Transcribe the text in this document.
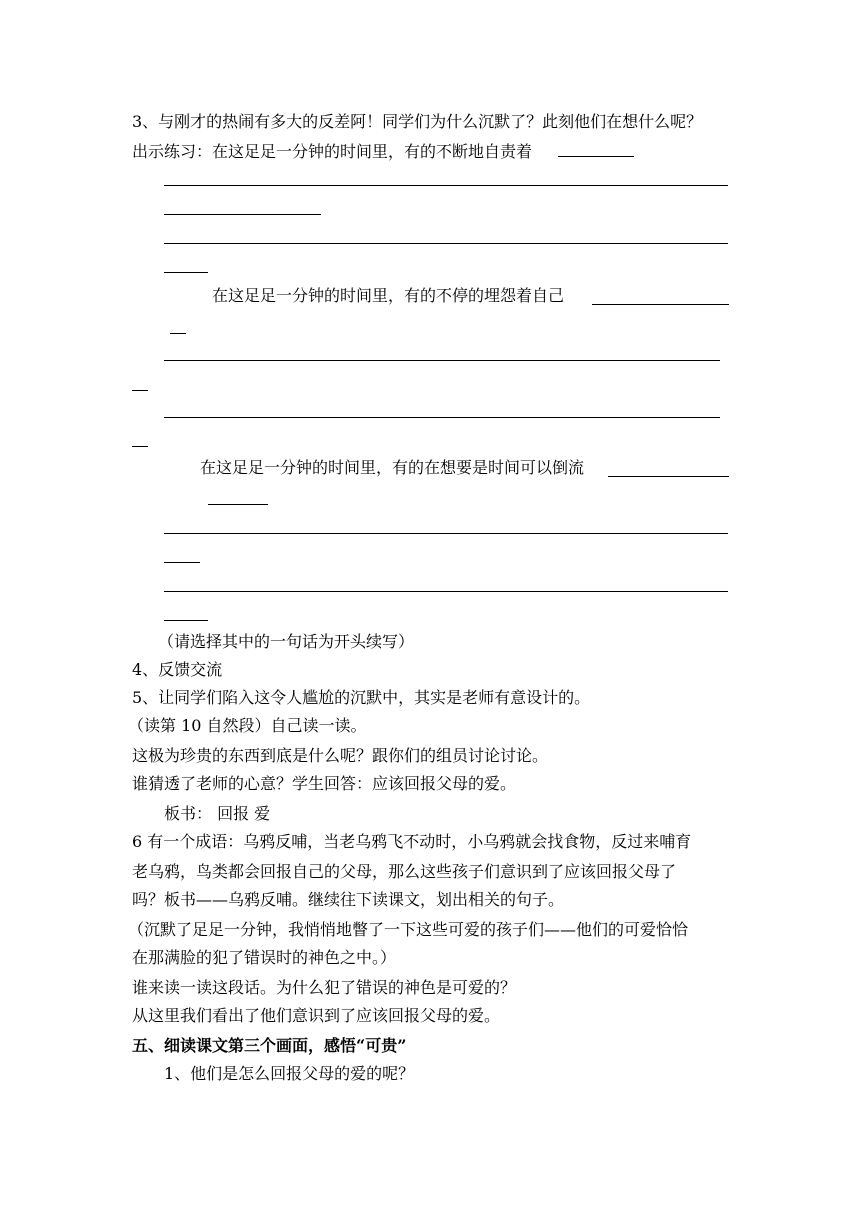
3、与刚才的热闹有多大的反差阿！同学们为什么沉默了？此刻他们在想什么呢？

出示练习：在这足足一分钟的时间里，有的不断地自责着

在这足足一分钟的时间里，有的不停的埋怨着自己

在这足足一分钟的时间里，有的在想要是时间可以倒流

（请选择其中的一句话为开头续写）

4、反馈交流

5、让同学们陷入这令人尴尬的沉默中，其实是老师有意设计的。

（读第 10 自然段）自己读一读。

这极为珍贵的东西到底是什么呢？跟你们的组员讨论讨论。

谁猜透了老师的心意？学生回答：应该回报父母的爱。

板书： 回报 爱

6 有一个成语：乌鸦反哺，当老乌鸦飞不动时，小乌鸦就会找食物，反过来哺育

老乌鸦，鸟类都会回报自己的父母，那么这些孩子们意识到了应该回报父母了

吗？板书——乌鸦反哺。继续往下读课文，划出相关的句子。

（沉默了足足一分钟，我悄悄地瞥了一下这些可爱的孩子们——他们的可爱恰恰

在那满脸的犯了错误时的神色之中。）

谁来读一读这段话。为什么犯了错误的神色是可爱的？

从这里我们看出了他们意识到了应该回报父母的爱。

五、细读课文第三个画面，感悟“可贵”

1、他们是怎么回报父母的爱的呢？
